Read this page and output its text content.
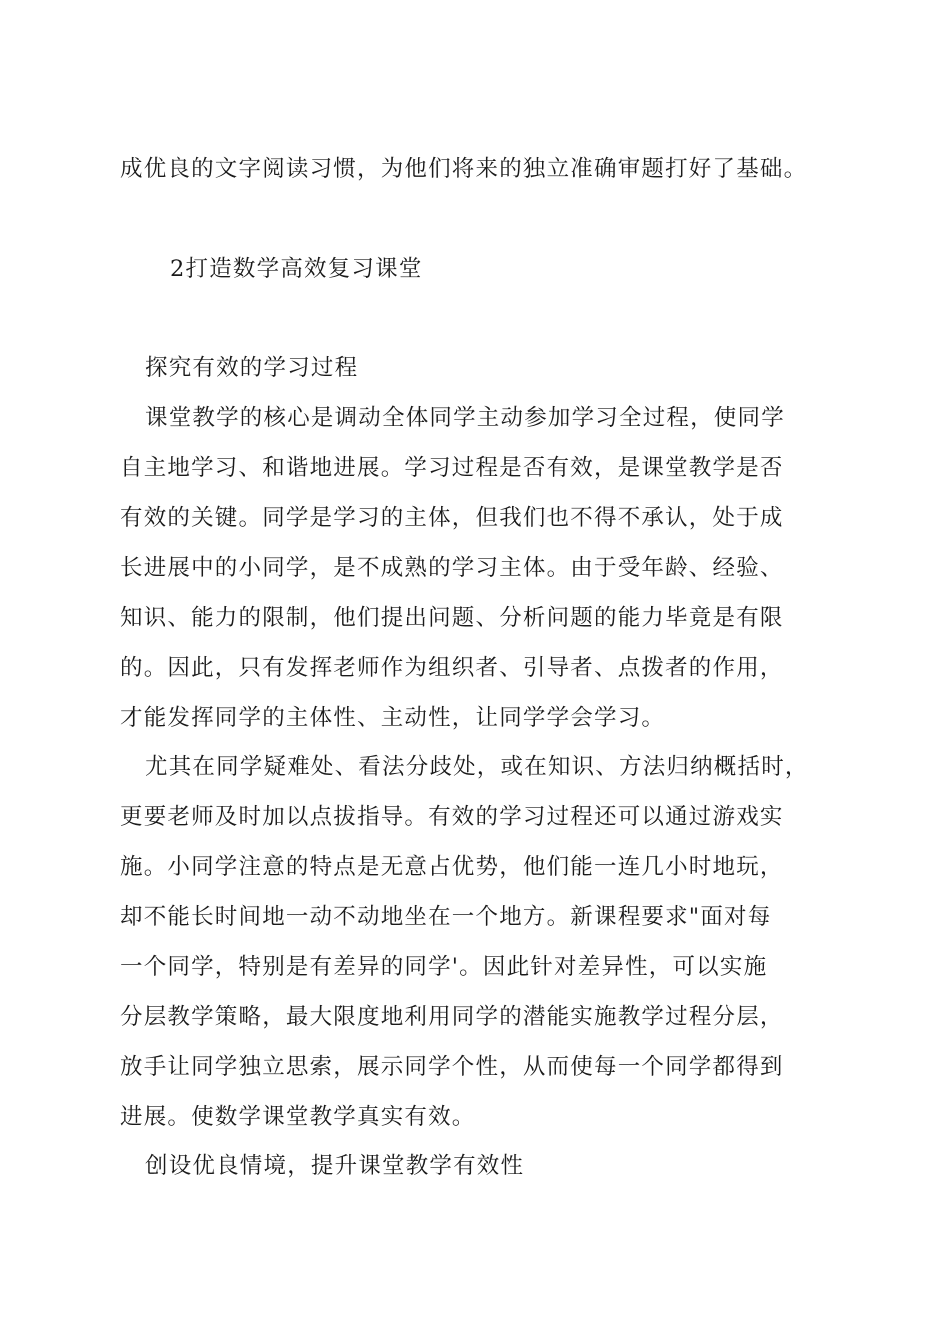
成优良的文字阅读习惯，为他们将来的独立准确审题打好了基础。
2打造数学高效复习课堂
探究有效的学习过程
课堂教学的核心是调动全体同学主动参加学习全过程，使同学
自主地学习、和谐地进展。学习过程是否有效，是课堂教学是否
有效的关键。同学是学习的主体，但我们也不得不承认，处于成
长进展中的小同学，是不成熟的学习主体。由于受年龄、经验、
知识、能力的限制，他们提出问题、分析问题的能力毕竟是有限
的。因此，只有发挥老师作为组织者、引导者、点拨者的作用，
才能发挥同学的主体性、主动性，让同学学会学习。
尤其在同学疑难处、看法分歧处，或在知识、方法归纳概括时，
更要老师及时加以点拔指导。有效的学习过程还可以通过游戏实
施。小同学注意的特点是无意占优势，他们能一连几小时地玩，
却不能长时间地一动不动地坐在一个地方。新课程要求"面对每
一个同学，特别是有差异的同学'。因此针对差异性，可以实施
分层教学策略，最大限度地利用同学的潜能实施教学过程分层，
放手让同学独立思索，展示同学个性，从而使每一个同学都得到
进展。使数学课堂教学真实有效。
创设优良情境，提升课堂教学有效性
